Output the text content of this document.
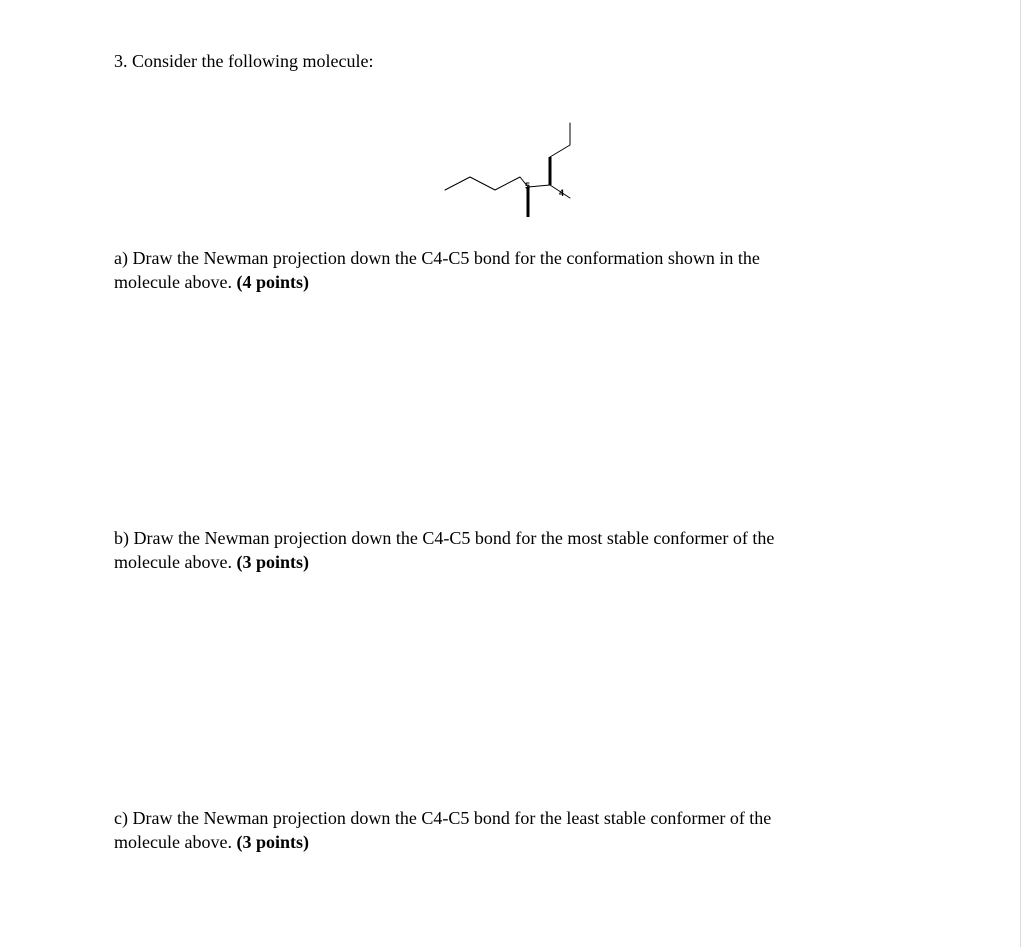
3. Consider the following molecule:
5
4
a) Draw the Newman projection down the C4-C5 bond for the conformation shown in the
molecule above. (4 points)
b) Draw the Newman projection down the C4-C5 bond for the most stable conformer of the
molecule above. (3 points)
c) Draw the Newman projection down the C4-C5 bond for the least stable conformer of the
molecule above. (3 points)
